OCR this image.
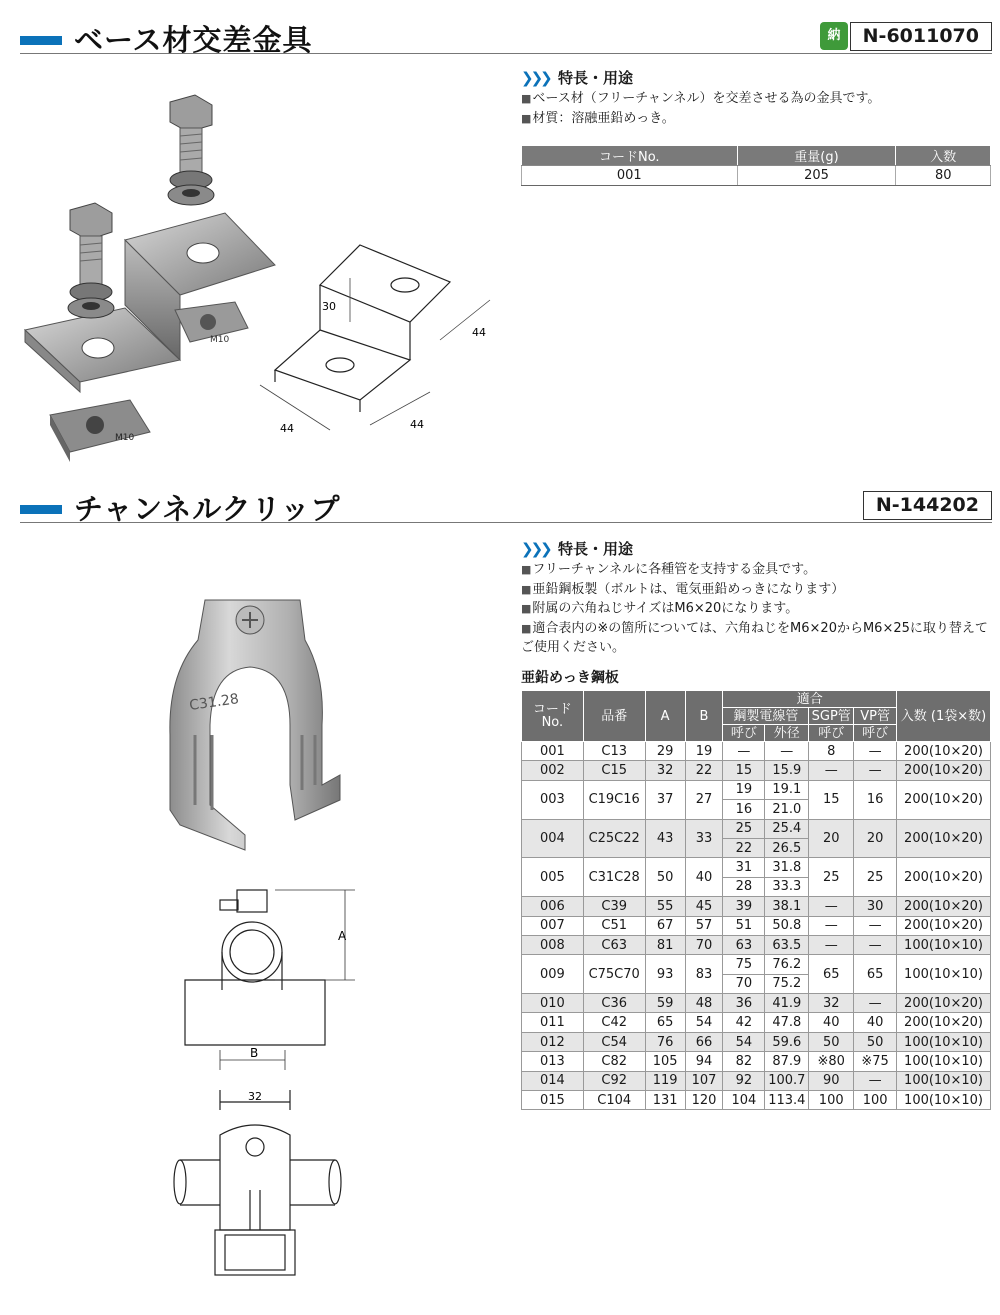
ベース材交差金具	納	N-6011070
❯❯❯ 特長・用途
■ベース材（フリーチャンネル）を交差させる為の金具です。
■材質：溶融亜鉛めっき。
コードNo.	重量(g)	入数
001	205	80
M10
M10
30
44	44
44
チャンネルクリップ	N-144202
❯❯❯ 特長・用途
■フリーチャンネルに各種管を支持する金具です。
■亜鉛鋼板製（ボルトは、電気亜鉛めっきになります）
■附属の六角ねじサイズはM6×20になります。
■適合表内の※の箇所については、六角ねじをM6×20からM6×25に取り替えてご使用ください。
亜鉛めっき鋼板
コード No.	品番	A	B	適合				入数 (1袋×数)
				鋼製電線管		SGP管	VP管	
				呼び	外径	呼び	呼び	
001	C13	29	19	—	—	8	—	200(10×20)
002	C15	32	22	15	15.9	—	—	200(10×20)
003	C19C16	37	27	19	19.1	15	16	200(10×20)
				16	21.0			
004	C25C22	43	33	25	25.4	20	20	200(10×20)
				22	26.5			
005	C31C28	50	40	31	31.8	25	25	200(10×20)
				28	33.3			
006	C39	55	45	39	38.1	—	30	200(10×20)
007	C51	67	57	51	50.8	—	—	200(10×20)
008	C63	81	70	63	63.5	—	—	100(10×10)
009	C75C70	93	83	75	76.2	65	65	100(10×10)
				70	75.2			
010	C36	59	48	36	41.9	32	—	200(10×20)
011	C42	65	54	42	47.8	40	40	200(10×20)
012	C54	76	66	54	59.6	50	50	100(10×10)
013	C82	105	94	82	87.9	※80	※75	100(10×10)
014	C92	119	107	92	100.7	90	—	100(10×10)
015	C104	131	120	104	113.4	100	100	100(10×10)
C31.28
A
B
32
